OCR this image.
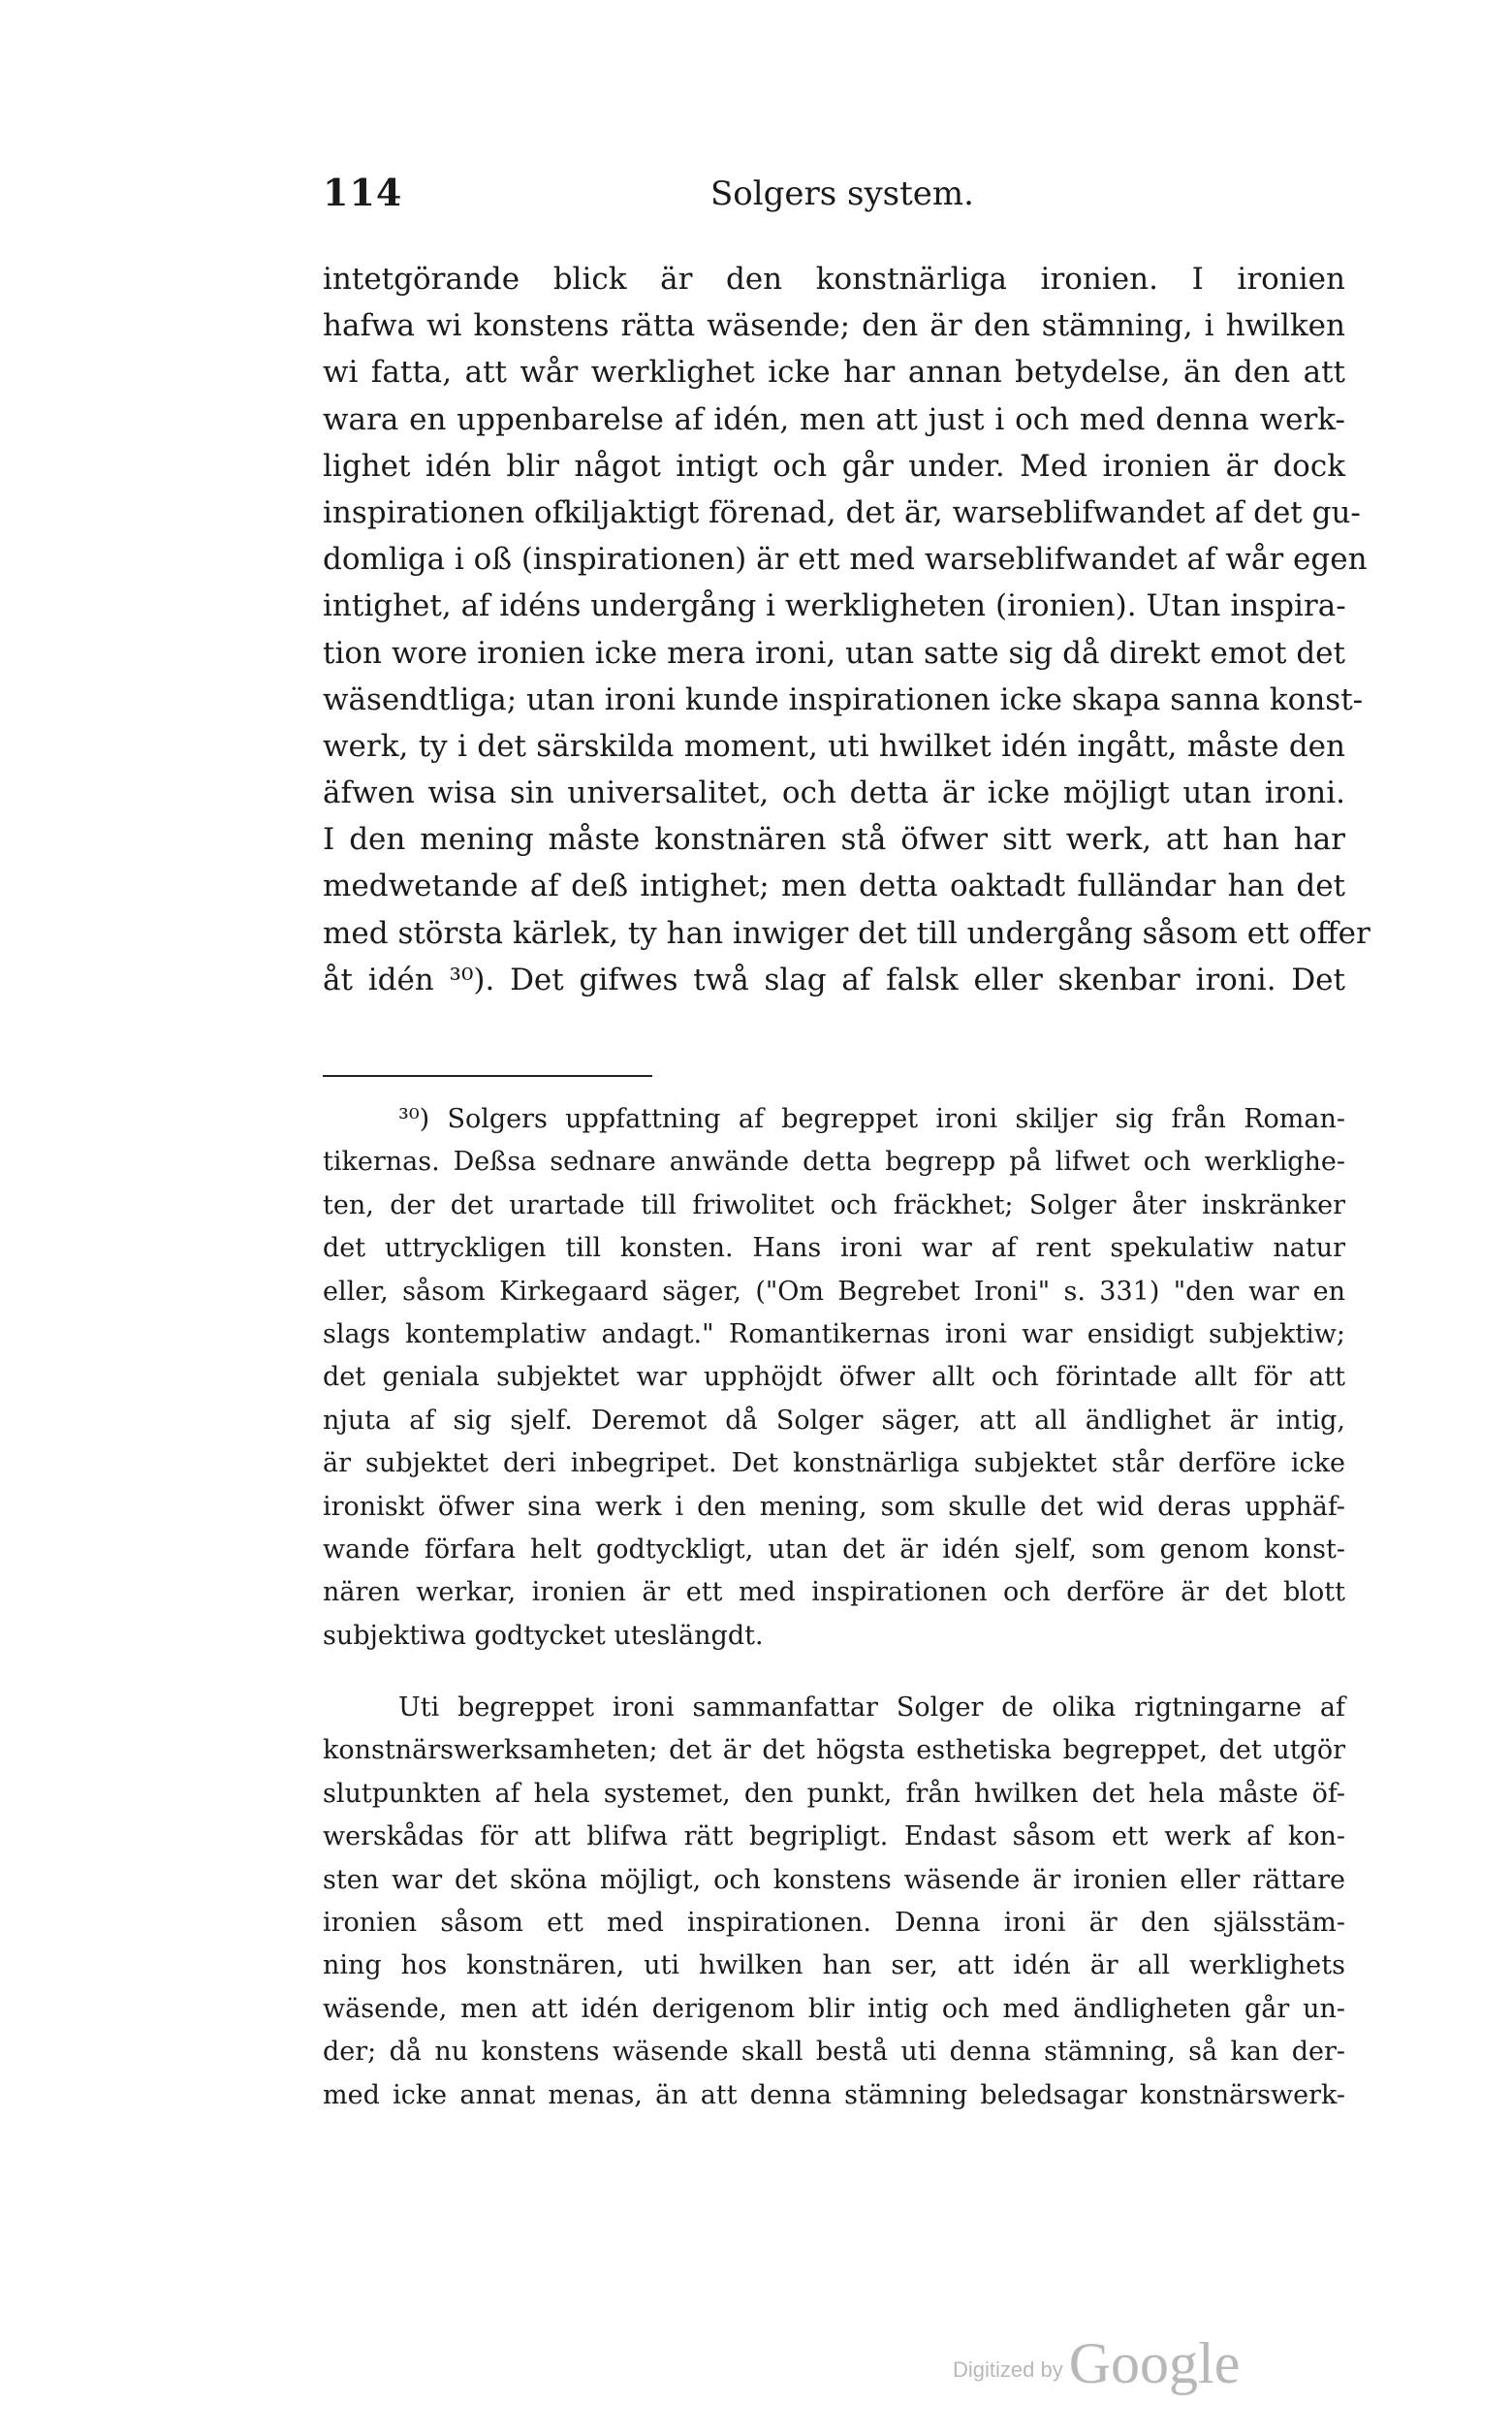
114	Solgers system.
intetgörande blick är den konstnärliga ironien. I ironien
hafwa wi konstens rätta wäsende; den är den stämning, i hwilken
wi fatta, att wår werklighet icke har annan betydelse, än den att
wara en uppenbarelse af idén, men att just i och med denna werk-
lighet idén blir något intigt och går under. Med ironien är dock
inspirationen ofkiljaktigt förenad, det är, warseblifwandet af det gu-
domliga i oß (inspirationen) är ett med warseblifwandet af wår egen
intighet, af idéns undergång i werkligheten (ironien). Utan inspira-
tion wore ironien icke mera ironi, utan satte sig då direkt emot det
wäsendtliga; utan ironi kunde inspirationen icke skapa sanna konst-
werk, ty i det särskilda moment, uti hwilket idén ingått, måste den
äfwen wisa sin universalitet, och detta är icke möjligt utan ironi.
I den mening måste konstnären stå öfwer sitt werk, att han har
medwetande af deß intighet; men detta oaktadt fulländar han det
med största kärlek, ty han inwiger det till undergång såsom ett offer
åt idén ³⁰). Det gifwes twå slag af falsk eller skenbar ironi. Det
³⁰) Solgers uppfattning af begreppet ironi skiljer sig från Roman-
tikernas. Deßsa sednare anwände detta begrepp på lifwet och werklighe-
ten, der det urartade till friwolitet och fräckhet; Solger åter inskränker
det uttryckligen till konsten. Hans ironi war af rent spekulatiw natur
eller, såsom Kirkegaard säger, ("Om Begrebet Ironi" s. 331) "den war en
slags kontemplatiw andagt." Romantikernas ironi war ensidigt subjektiw;
det geniala subjektet war upphöjdt öfwer allt och förintade allt för att
njuta af sig sjelf. Deremot då Solger säger, att all ändlighet är intig,
är subjektet deri inbegripet. Det konstnärliga subjektet står derföre icke
ironiskt öfwer sina werk i den mening, som skulle det wid deras upphäf-
wande förfara helt godtyckligt, utan det är idén sjelf, som genom konst-
nären werkar, ironien är ett med inspirationen och derföre är det blott
subjektiwa godtycket uteslängdt.
Uti begreppet ironi sammanfattar Solger de olika rigtningarne af
konstnärswerksamheten; det är det högsta esthetiska begreppet, det utgör
slutpunkten af hela systemet, den punkt, från hwilken det hela måste öf-
werskådas för att blifwa rätt begripligt. Endast såsom ett werk af kon-
sten war det sköna möjligt, och konstens wäsende är ironien eller rättare
ironien såsom ett med inspirationen. Denna ironi är den själsstäm-
ning hos konstnären, uti hwilken han ser, att idén är all werklighets
wäsende, men att idén derigenom blir intig och med ändligheten går un-
der; då nu konstens wäsende skall bestå uti denna stämning, så kan der-
med icke annat menas, än att denna stämning beledsagar konstnärswerk-
Digitized by Google
